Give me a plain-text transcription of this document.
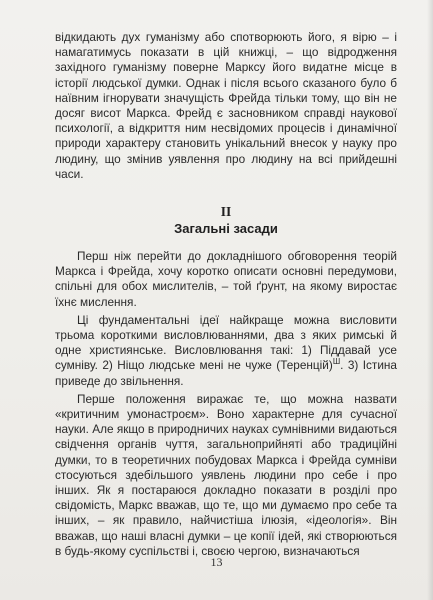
відкидають дух гуманізму або спотворюють його, я вірю – і намагатимусь показати в цій книжці, – що відродження західного гуманізму поверне Марксу його видатне місце в історії людської думки. Однак і після всього сказаного було б наївним ігнорувати значущість Фрейда тільки тому, що він не досяг висот Маркса. Фрейд є засновником справді наукової психології, а відкриття ним несвідомих процесів і динамічної природи характеру становить унікальний внесок у науку про людину, що змінив уявлення про людину на всі прийдешні часи.

II
Загальні засади

Перш ніж перейти до докладнішого обговорення теорій Маркса і Фрейда, хочу коротко описати основні передумови, спільні для обох мислителів, – той ґрунт, на якому виростає їхнє мислення.

Ці фундаментальні ідеї найкраще можна висловити трьома короткими висловлюваннями, два з яких римські й одне християнське. Висловлювання такі: 1) Піддавай усе сумніву. 2) Ніщо людське мені не чуже (Теренцій)$^Ш$. 3) Істина приведе до звільнення.

Перше положення виражає те, що можна назвати «критичним умонастроєм». Воно характерне для сучасної науки. Але якщо в природничих науках сумнівними видаються свідчення органів чуття, загальноприйняті або традиційні думки, то в теоретичних побудовах Маркса і Фрейда сумніви стосуються здебільшого уявлень людини про себе і про інших. Як я постараюся докладно показати в розділі про свідомість, Маркс вважав, що те, що ми думаємо про себе та інших, – як правило, найчистіша ілюзія, «ідеологія». Він вважав, що наші власні думки – це копії ідей, які створюються в будь-якому суспільстві і, своєю чергою, визначаються

13
